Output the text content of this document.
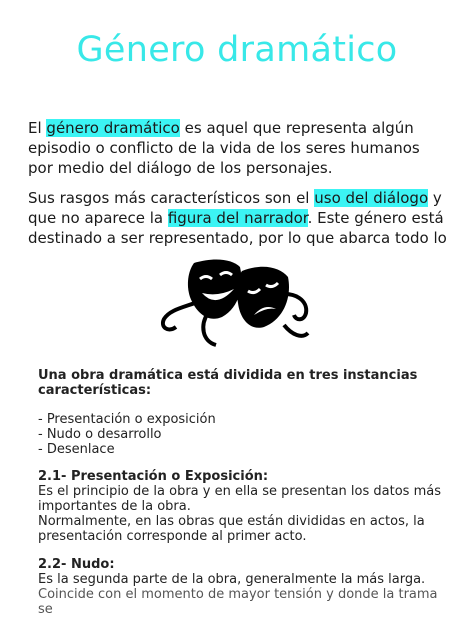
Género dramático
El género dramático es aquel que representa algún episodio o conflicto de la vida de los seres humanos por medio del diálogo de los personajes.
Sus rasgos más característicos son el uso del diálogo y que no aparece la figura del narrador. Este género está destinado a ser representado, por lo que abarca todo lo
Una obra dramática está dividida en tres instancias características:
- Presentación o exposición
- Nudo o desarrollo
- Desenlace
2.1- Presentación o Exposición:
Es el principio de la obra y en ella se presentan los datos más importantes de la obra.
Normalmente, en las obras que están divididas en actos, la presentación corresponde al primer acto.
2.2- Nudo:
Es la segunda parte de la obra, generalmente la más larga.
Coincide con el momento de mayor tensión y donde la trama se
